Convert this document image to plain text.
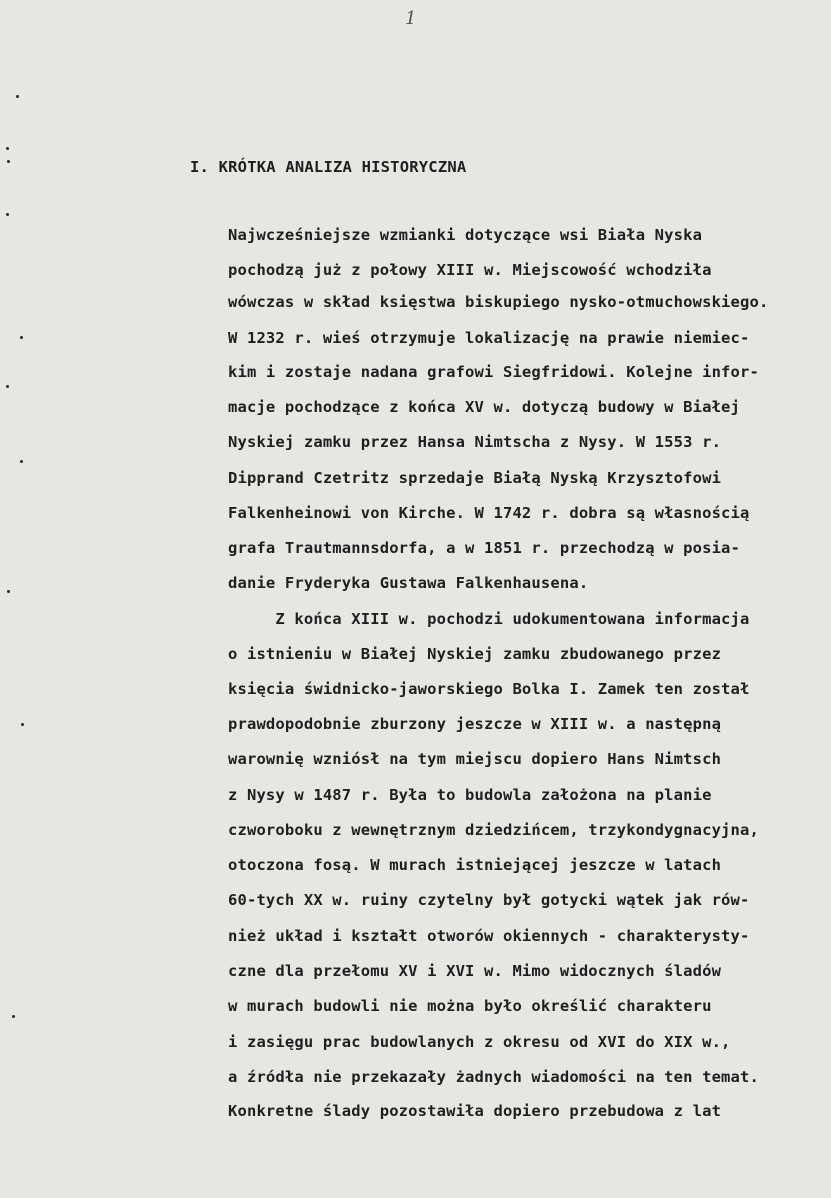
1
I. KRÓTKA ANALIZA HISTORYCZNA
Najwcześniejsze wzmianki dotyczące wsi Biała Nyska
pochodzą już z połowy XIII w. Miejscowość wchodziła
wówczas w skład księstwa biskupiego nysko-otmuchowskiego.
W 1232 r. wieś otrzymuje lokalizację na prawie niemiec-
kim i zostaje nadana grafowi Siegfridowi. Kolejne infor-
macje pochodzące z końca XV w. dotyczą budowy w Białej
Nyskiej zamku przez Hansa Nimtscha z Nysy. W 1553 r.
Dipprand Czetritz sprzedaje Białą Nyską Krzysztofowi
Falkenheinowi von Kirche. W 1742 r. dobra są własnością
grafa Trautmannsdorfa, a w 1851 r. przechodzą w posia-
danie Fryderyka Gustawa Falkenhausena.
Z końca XIII w. pochodzi udokumentowana informacja
o istnieniu w Białej Nyskiej zamku zbudowanego przez
księcia świdnicko-jaworskiego Bolka I. Zamek ten został
prawdopodobnie zburzony jeszcze w XIII w. a następną
warownię wzniósł na tym miejscu dopiero Hans Nimtsch
z Nysy w 1487 r. Była to budowla założona na planie
czworoboku z wewnętrznym dziedzińcem, trzykondygnacyjna,
otoczona fosą. W murach istniejącej jeszcze w latach
60-tych XX w. ruiny czytelny był gotycki wątek jak rów-
nież układ i kształt otworów okiennych - charakterysty-
czne dla przełomu XV i XVI w. Mimo widocznych śladów
w murach budowli nie można było określić charakteru
i zasięgu prac budowlanych z okresu od XVI do XIX w.,
a źródła nie przekazały żadnych wiadomości na ten temat.
Konkretne ślady pozostawiła dopiero przebudowa z lat
